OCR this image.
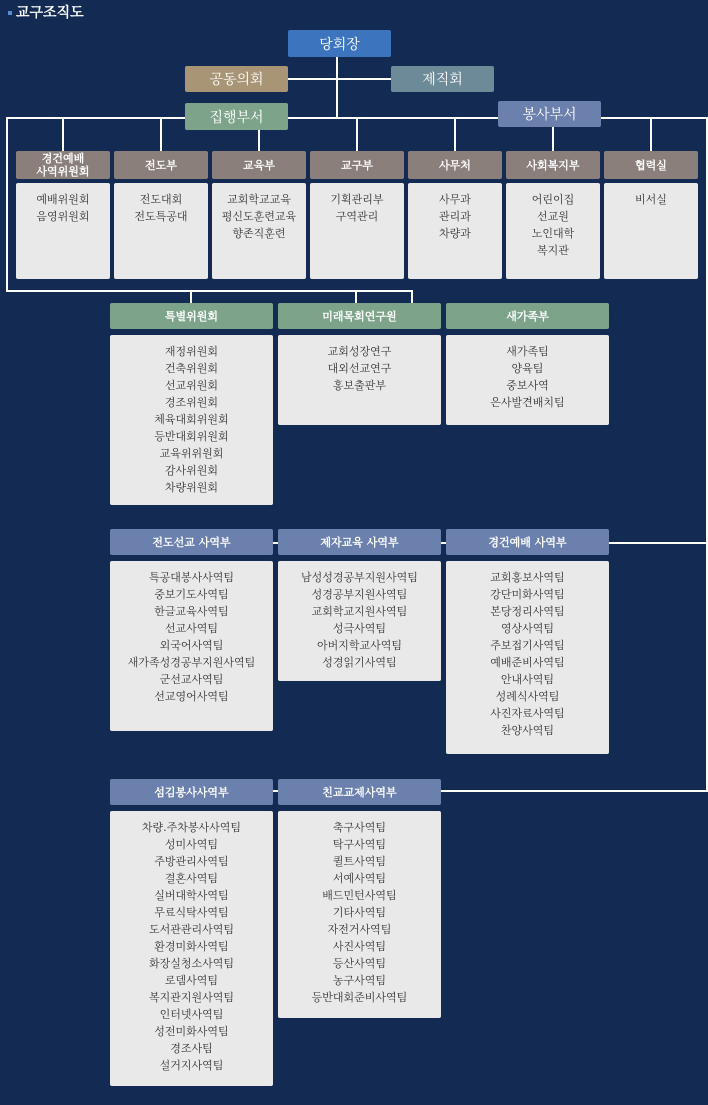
교구조직도
당회장
공동의회	제직회
집행부서	봉사부서
경건예배
사역위원회
예배위원회
음영위원회
전도부
전도대회
전도특공대
교육부
교회학교교육
평신도훈련교육
향존직훈련
교구부
기획관리부
구역관리
사무처
사무과
관리과
차량과
사회복지부
어린이집
선교원
노인대학
복지관
협력실
비서실
특별위원회
재정위원회
건축위원회
선교위원회
경조위원회
체육대회위원회
등반대회위원회
교육위위원회
감사위원회
차량위원회
미래목회연구원
교회성장연구
대외선교연구
홍보출판부
새가족부
새가족팀
양육팀
중보사역
은사발견배치팀
전도선교 사역부
특공대봉사사역팀
중보기도사역팀
한글교육사역팀
선교사역팀
외국어사역팀
새가족성경공부지원사역팀
군선교사역팀
선교영어사역팀
제자교육 사역부
남성성경공부지원사역팀
성경공부지원사역팀
교회학교지원사역팀
성극사역팀
아버지학교사역팀
성경읽기사역팀
경건예배 사역부
교회홍보사역팀
강단미화사역팀
본당정리사역팀
영상사역팀
주보접기사역팀
예배준비사역팀
안내사역팀
성례식사역팀
사진자료사역팀
찬양사역팀
섬김봉사사역부
차량.주차봉사사역팀
성미사역팀
주방관리사역팀
결혼사역팀
실버대학사역팀
무료식탁사역팀
도서관관리사역팀
환경미화사역팀
화장실청소사역팀
로뎀사역팀
복지관지원사역팀
인터넷사역팀
성전미화사역팀
경조사팀
설거지사역팀
친교교제사역부
축구사역팀
탁구사역팀
퀼트사역팀
서예사역팀
배드민턴사역팀
기타사역팀
자전거사역팀
사진사역팀
등산사역팀
농구사역팀
등반대회준비사역팀
